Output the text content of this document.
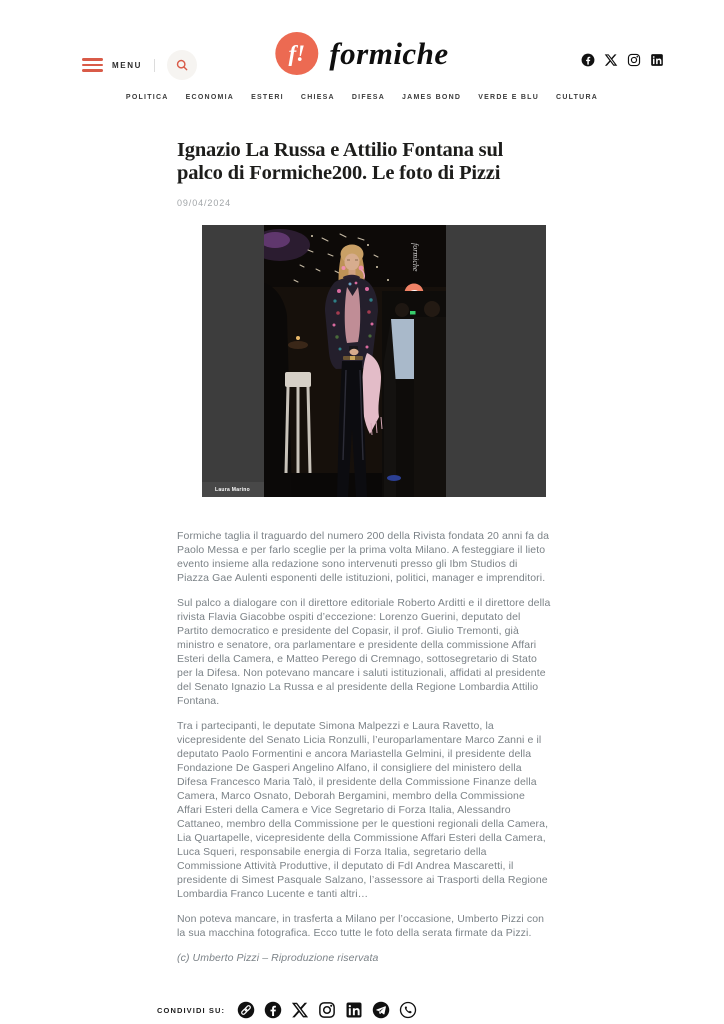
MENU	f! formiche
POLITICA ECONOMIA ESTERI CHIESA DIFESA JAMES BOND VERDE E BLU CULTURA
Ignazio La Russa e Attilio Fontana sul
palco di Formiche200. Le foto di Pizzi
09/04/2024
formiche
Laura Marino

Formiche taglia il traguardo del numero 200 della Rivista fondata 20 anni fa da Paolo Messa e per farlo sceglie per la prima volta Milano. A festeggiare il lieto evento insieme alla redazione sono intervenuti presso gli Ibm Studios di Piazza Gae Aulenti esponenti delle istituzioni, politici, manager e imprenditori.

Sul palco a dialogare con il direttore editoriale Roberto Arditti e il direttore della rivista Flavia Giacobbe ospiti d’eccezione: Lorenzo Guerini, deputato del Partito democratico e presidente del Copasir, il prof. Giulio Tremonti, già ministro e senatore, ora parlamentare e presidente della commissione Affari Esteri della Camera, e Matteo Perego di Cremnago, sottosegretario di Stato per la Difesa. Non potevano mancare i saluti istituzionali, affidati al presidente del Senato Ignazio La Russa e al presidente della Regione Lombardia Attilio Fontana.

Tra i partecipanti, le deputate Simona Malpezzi e Laura Ravetto, la vicepresidente del Senato Licia Ronzulli, l’europarlamentare Marco Zanni e il deputato Paolo Formentini e ancora Mariastella Gelmini, il presidente della Fondazione De Gasperi Angelino Alfano, il consigliere del ministero della Difesa Francesco Maria Talò, il presidente della Commissione Finanze della Camera, Marco Osnato, Deborah Bergamini, membro della Commissione Affari Esteri della Camera e Vice Segretario di Forza Italia, Alessandro Cattaneo, membro della Commissione per le questioni regionali della Camera, Lia Quartapelle, vicepresidente della Commissione Affari Esteri della Camera, Luca Squeri, responsabile energia di Forza Italia, segretario della Commissione Attività Produttive, il deputato di FdI Andrea Mascaretti, il presidente di Simest Pasquale Salzano, l’assessore ai Trasporti della Regione Lombardia Franco Lucente e tanti altri…

Non poteva mancare, in trasferta a Milano per l’occasione, Umberto Pizzi con la sua macchina fotografica. Ecco tutte le foto della serata firmate da Pizzi.

(c) Umberto Pizzi – Riproduzione riservata

CONDIVIDI SU:
